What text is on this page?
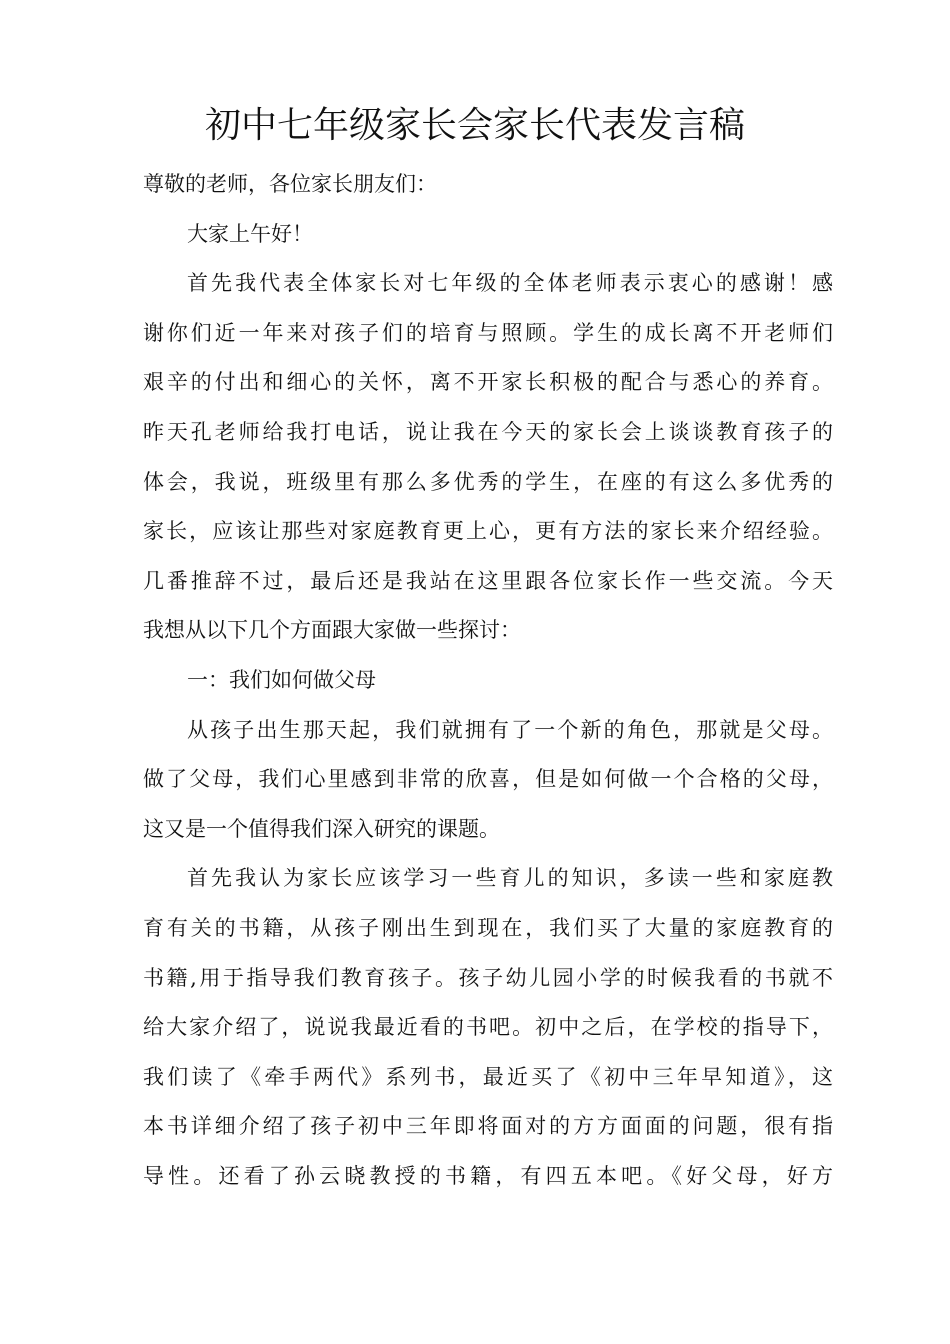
初中七年级家长会家长代表发言稿
尊敬的老师，各位家长朋友们：
大家上午好！
首先我代表全体家长对七年级的全体老师表示衷心的感谢！感
谢你们近一年来对孩子们的培育与照顾。学生的成长离不开老师们
艰辛的付出和细心的关怀，离不开家长积极的配合与悉心的养育。
昨天孔老师给我打电话，说让我在今天的家长会上谈谈教育孩子的
体会，我说，班级里有那么多优秀的学生，在座的有这么多优秀的
家长，应该让那些对家庭教育更上心，更有方法的家长来介绍经验。
几番推辞不过，最后还是我站在这里跟各位家长作一些交流。今天
我想从以下几个方面跟大家做一些探讨：
一：我们如何做父母
从孩子出生那天起，我们就拥有了一个新的角色，那就是父母。
做了父母，我们心里感到非常的欣喜，但是如何做一个合格的父母，
这又是一个值得我们深入研究的课题。
首先我认为家长应该学习一些育儿的知识，多读一些和家庭教
育有关的书籍，从孩子刚出生到现在，我们买了大量的家庭教育的
书籍,用于指导我们教育孩子。孩子幼儿园小学的时候我看的书就不
给大家介绍了，说说我最近看的书吧。初中之后，在学校的指导下，
我们读了《牵手两代》系列书，最近买了《初中三年早知道》，这
本书详细介绍了孩子初中三年即将面对的方方面面的问题，很有指
导性。还看了孙云晓教授的书籍，有四五本吧。《好父母，好方
